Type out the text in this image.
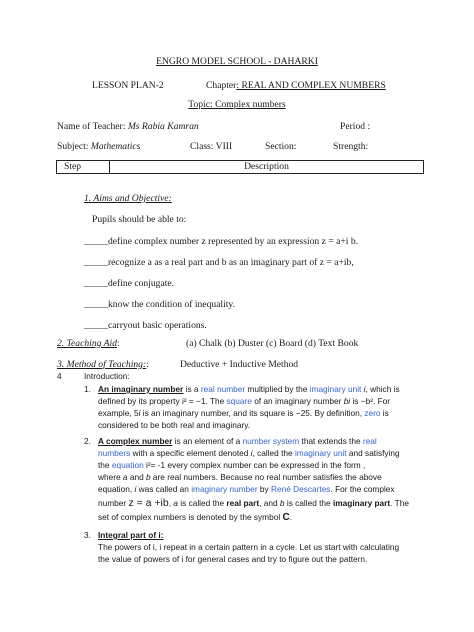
ENGRO MODEL SCHOOL - DAHARKI
LESSON PLAN-2	Chapter: REAL AND COMPLEX NUMBERS
Topic: Complex numbers
Name of Teacher: Ms Rabia Kamran	Period :
Subject: Mathematics	Class: VIII	Section:	Strength:
Step	Description
1. Aims and Objective:
Pupils should be able to:
_____define complex number z represented by an expression z = a+i b.
_____recognize a as a real part and b as an imaginary part of z = a+ib,
_____define conjugate.
_____know the condition of inequality.
_____carryout basic operations.
2. Teaching Aid:	(a) Chalk (b) Duster (c) Board (d) Text Book
3. Method of Teaching::	Deductive + Inductive Method
4	Introduction:
1. An imaginary number is a real number multiplied by the imaginary unit i, which is
defined by its property i² = −1. The square of an imaginary number bi is −b². For
example, 5i is an imaginary number, and its square is −25. By definition, zero is
considered to be both real and imaginary.
2. A complex number is an element of a number system that extends the real
numbers with a specific element denoted i, called the imaginary unit and satisfying
the equation i²= -1 every complex number can be expressed in the form ,
where a and b are real numbers. Because no real number satisfies the above
equation, i was called an imaginary number by René Descartes. For the complex
number z = a +ib, a is called the real part, and b is called the imaginary part. The
set of complex numbers is denoted by the symbol C.
3. Integral part of i:
The powers of i, i repeat in a certain pattern in a cycle. Let us start with calculating
the value of powers of i for general cases and try to figure out the pattern.
